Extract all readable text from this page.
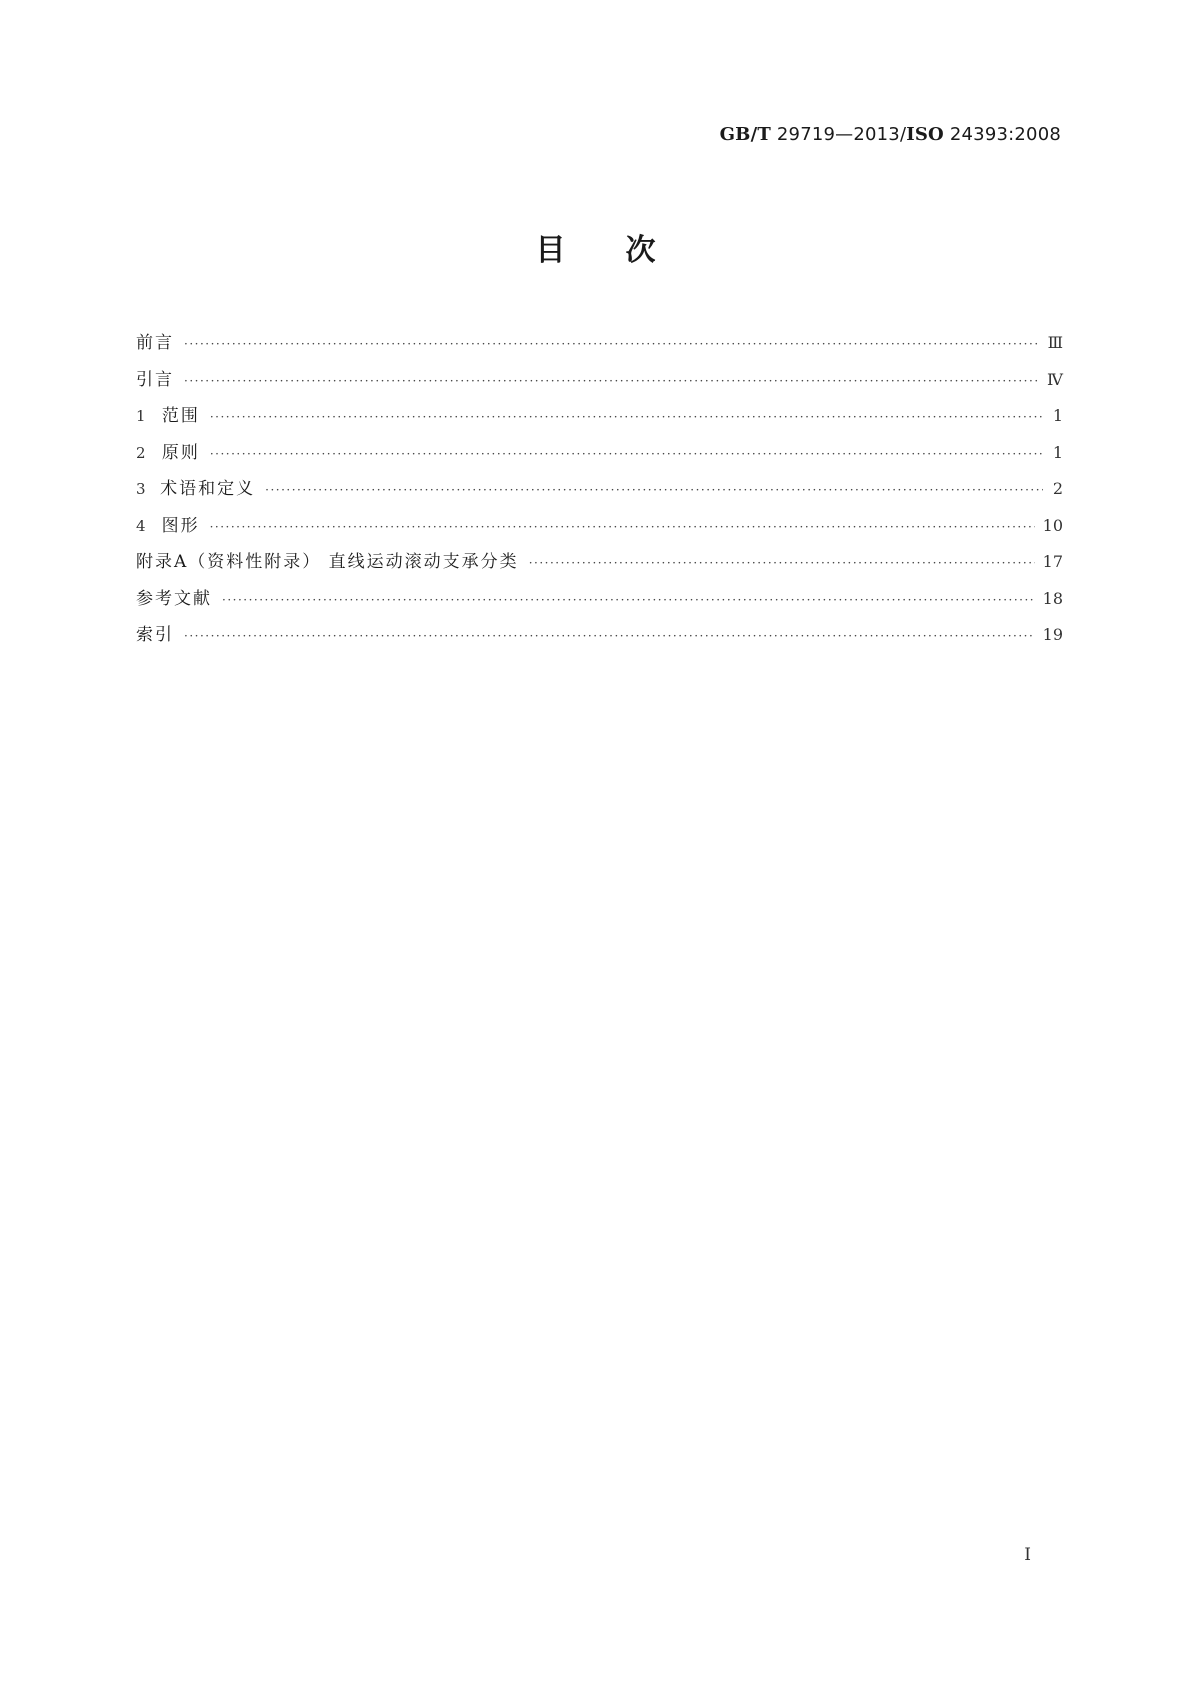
GB/T 29719—2013/ISO 24393:2008
目次
前言 ·····	Ⅲ
引言 ·····	Ⅳ
1 范围 ·····	1
2 原则 ·····	1
3 术语和定义 ·····	2
4 图形 ·····	10
附录A（资料性附录） 直线运动滚动支承分类 ·····	17
参考文献 ·····	18
索引 ·····	19
I
